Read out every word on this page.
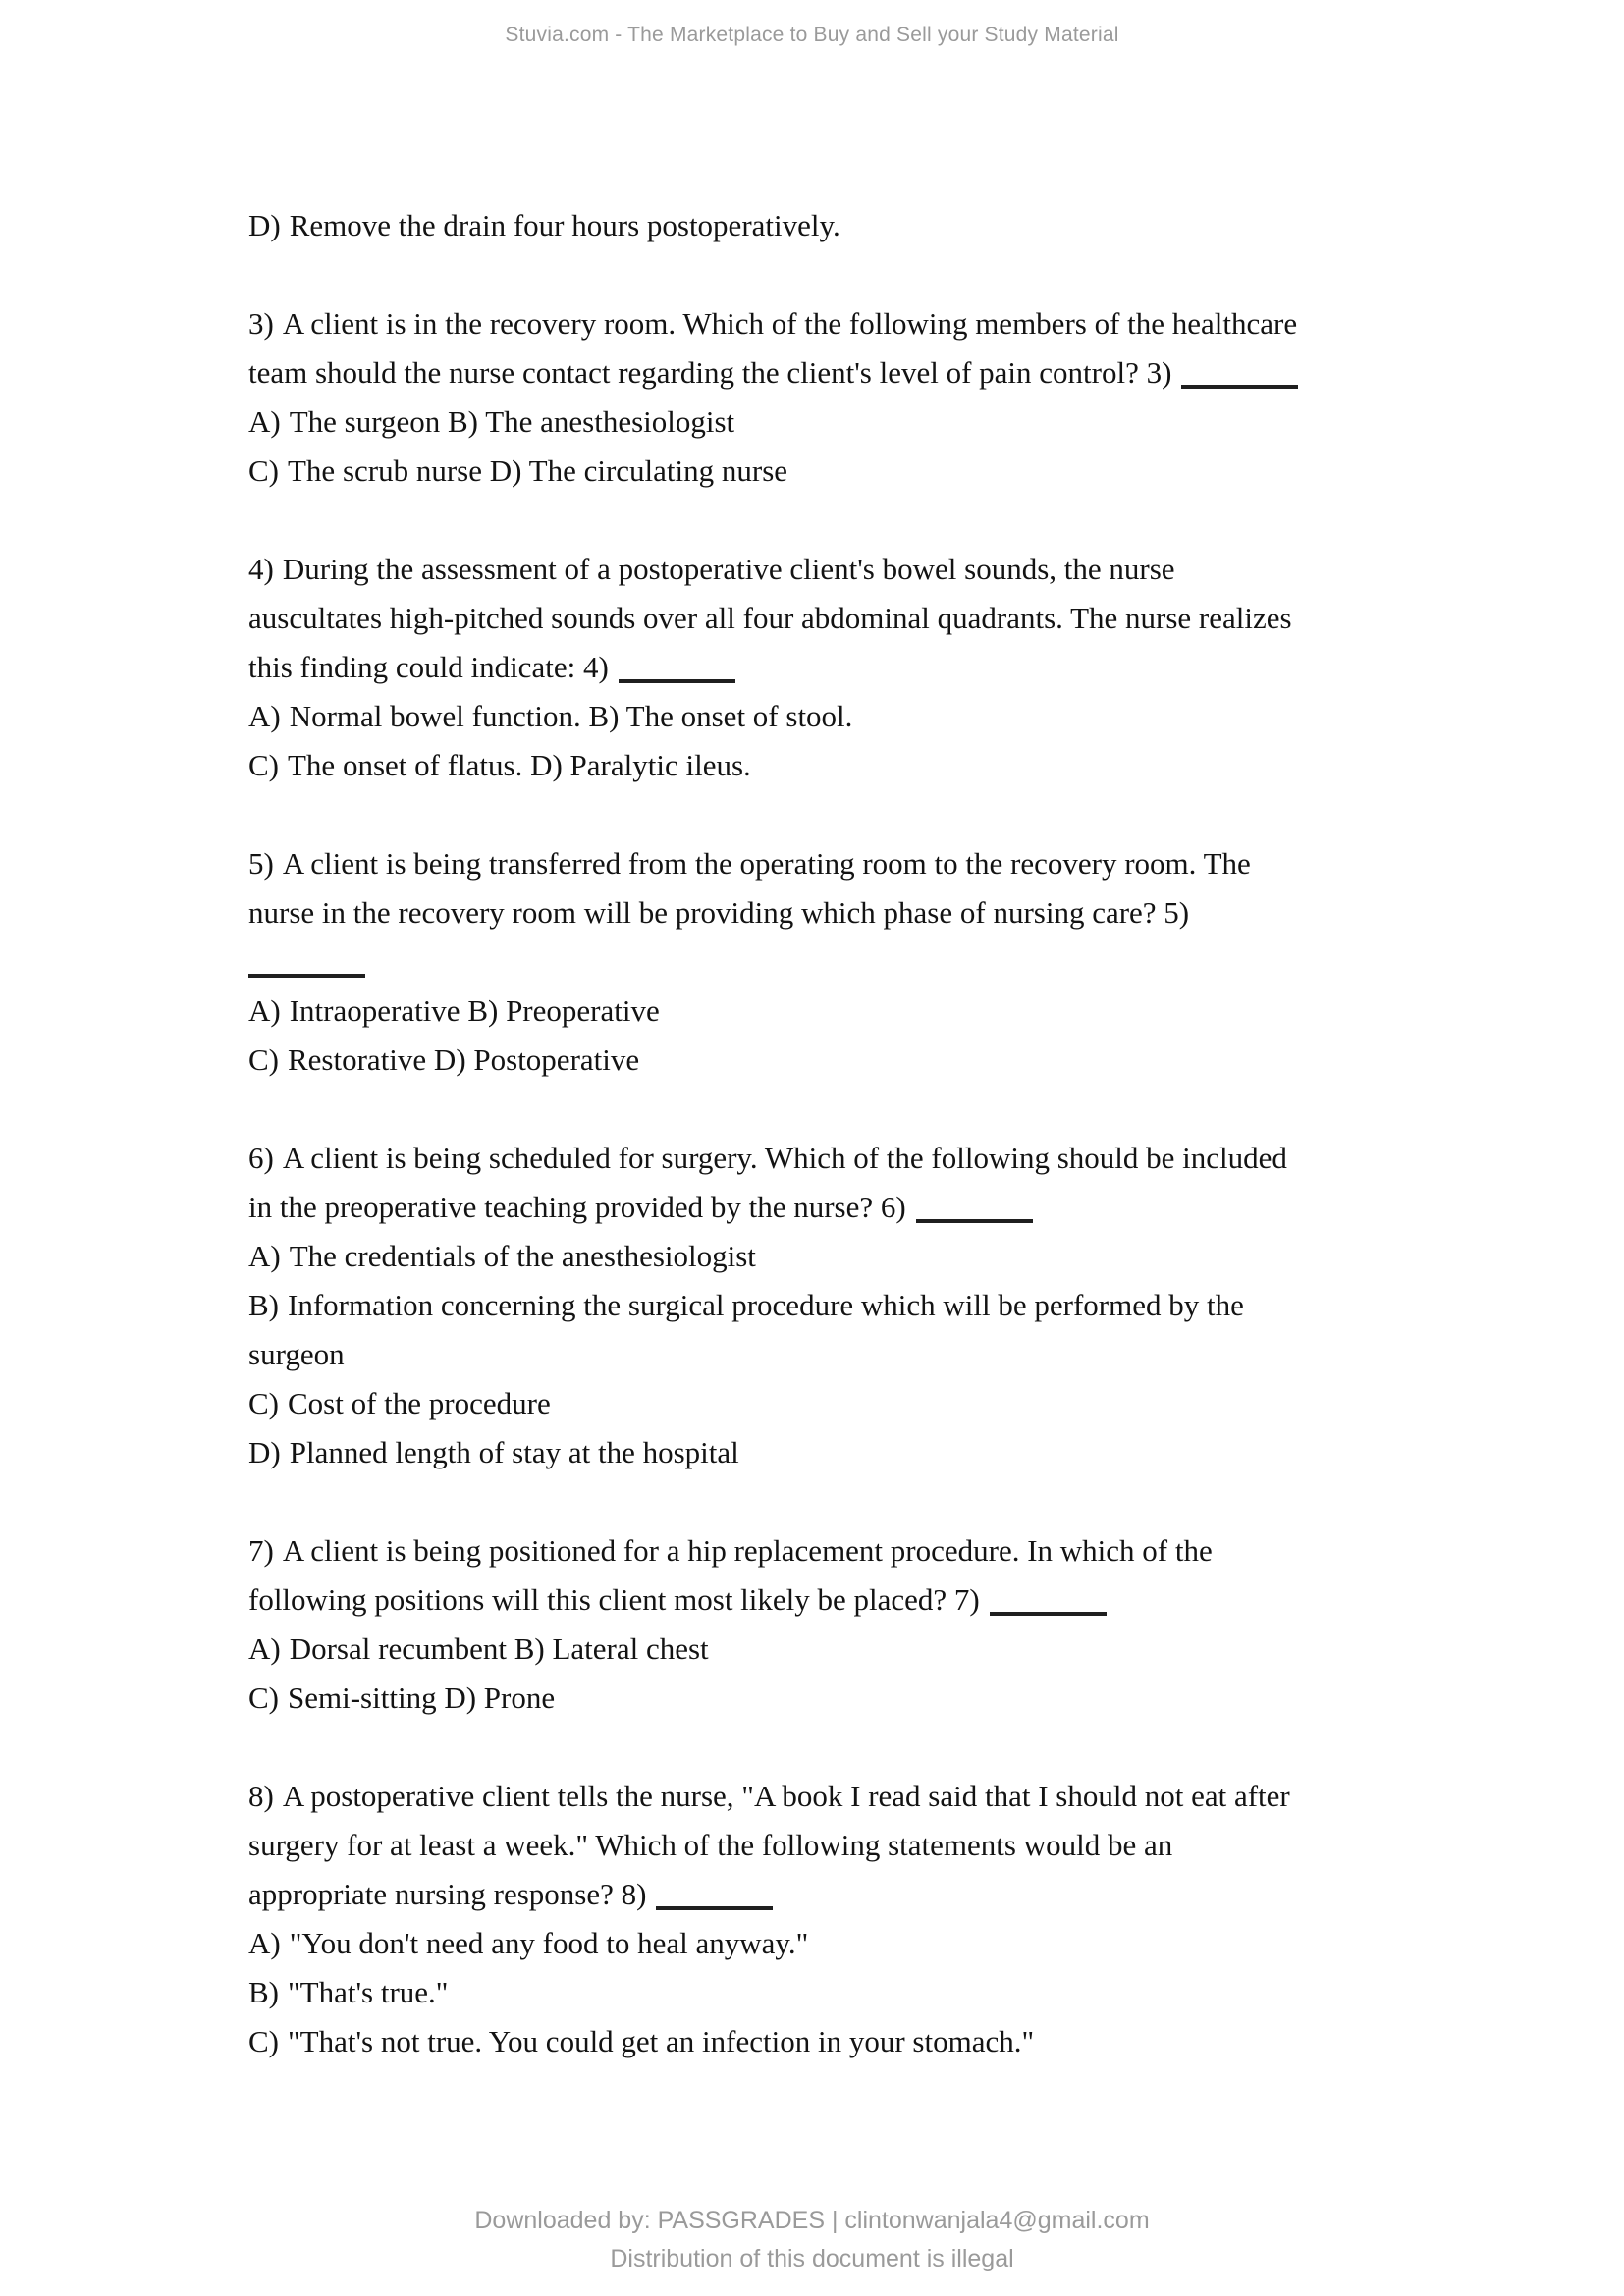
Stuvia.com - The Marketplace to Buy and Sell your Study Material
D) Remove the drain four hours postoperatively.
3) A client is in the recovery room. Which of the following members of the healthcare
team should the nurse contact regarding the client's level of pain control? 3)
A) The surgeon B) The anesthesiologist
C) The scrub nurse D) The circulating nurse
4) During the assessment of a postoperative client's bowel sounds, the nurse
auscultates high-pitched sounds over all four abdominal quadrants. The nurse realizes
this finding could indicate: 4)
A) Normal bowel function. B) The onset of stool.
C) The onset of flatus. D) Paralytic ileus.
5) A client is being transferred from the operating room to the recovery room. The
nurse in the recovery room will be providing which phase of nursing care? 5)
A) Intraoperative B) Preoperative
C) Restorative D) Postoperative
6) A client is being scheduled for surgery. Which of the following should be included
in the preoperative teaching provided by the nurse? 6)
A) The credentials of the anesthesiologist
B) Information concerning the surgical procedure which will be performed by the
surgeon
C) Cost of the procedure
D) Planned length of stay at the hospital
7) A client is being positioned for a hip replacement procedure. In which of the
following positions will this client most likely be placed? 7)
A) Dorsal recumbent B) Lateral chest
C) Semi-sitting D) Prone
8) A postoperative client tells the nurse, "A book I read said that I should not eat after
surgery for at least a week." Which of the following statements would be an
appropriate nursing response? 8)
A) "You don't need any food to heal anyway."
B) "That's true."
C) "That's not true. You could get an infection in your stomach."
Downloaded by: PASSGRADES | clintonwanjala4@gmail.com
Distribution of this document is illegal
